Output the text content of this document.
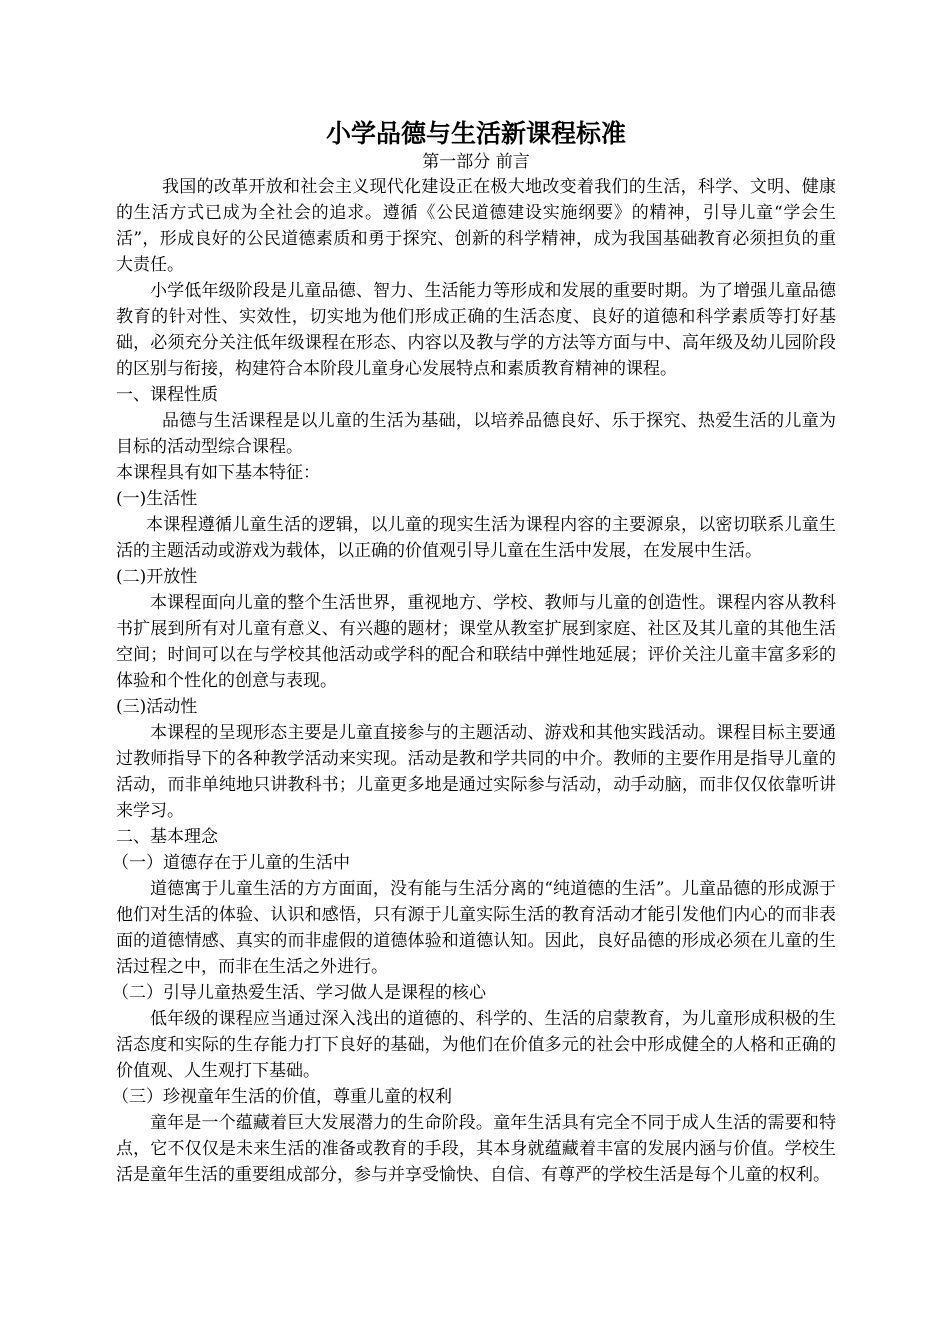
小学品德与生活新课程标准
第一部分 前言

我国的改革开放和社会主义现代化建设正在极大地改变着我们的生活，科学、文明、健康的生活方式已成为全社会的追求。遵循《公民道德建设实施纲要》的精神，引导儿童“学会生活”，形成良好的公民道德素质和勇于探究、创新的科学精神，成为我国基础教育必须担负的重大责任。

小学低年级阶段是儿童品德、智力、生活能力等形成和发展的重要时期。为了增强儿童品德教育的针对性、实效性，切实地为他们形成正确的生活态度、良好的道德和科学素质等打好基础，必须充分关注低年级课程在形态、内容以及教与学的方法等方面与中、高年级及幼儿园阶段的区别与衔接，构建符合本阶段儿童身心发展特点和素质教育精神的课程。

一、课程性质

品德与生活课程是以儿童的生活为基础，以培养品德良好、乐于探究、热爱生活的儿童为目标的活动型综合课程。

本课程具有如下基本特征：

(一)生活性

本课程遵循儿童生活的逻辑，以儿童的现实生活为课程内容的主要源泉，以密切联系儿童生活的主题活动或游戏为载体，以正确的价值观引导儿童在生活中发展，在发展中生活。

(二)开放性

本课程面向儿童的整个生活世界，重视地方、学校、教师与儿童的创造性。课程内容从教科书扩展到所有对儿童有意义、有兴趣的题材；课堂从教室扩展到家庭、社区及其儿童的其他生活空间；时间可以在与学校其他活动或学科的配合和联结中弹性地延展；评价关注儿童丰富多彩的体验和个性化的创意与表现。

(三)活动性

本课程的呈现形态主要是儿童直接参与的主题活动、游戏和其他实践活动。课程目标主要通过教师指导下的各种教学活动来实现。活动是教和学共同的中介。教师的主要作用是指导儿童的活动，而非单纯地只讲教科书；儿童更多地是通过实际参与活动，动手动脑，而非仅仅依靠听讲来学习。

二、基本理念
（一）道德存在于儿童的生活中

道德寓于儿童生活的方方面面，没有能与生活分离的“纯道德的生活”。儿童品德的形成源于他们对生活的体验、认识和感悟，只有源于儿童实际生活的教育活动才能引发他们内心的而非表面的道德情感、真实的而非虚假的道德体验和道德认知。因此，良好品德的形成必须在儿童的生活过程之中，而非在生活之外进行。

（二）引导儿童热爱生活、学习做人是课程的核心

低年级的课程应当通过深入浅出的道德的、科学的、生活的启蒙教育，为儿童形成积极的生活态度和实际的生存能力打下良好的基础，为他们在价值多元的社会中形成健全的人格和正确的价值观、人生观打下基础。

（三）珍视童年生活的价值，尊重儿童的权利

童年是一个蕴藏着巨大发展潜力的生命阶段。童年生活具有完全不同于成人生活的需要和特点，它不仅仅是未来生活的准备或教育的手段，其本身就蕴藏着丰富的发展内涵与价值。学校生活是童年生活的重要组成部分，参与并享受愉快、自信、有尊严的学校生活是每个儿童的权利。
